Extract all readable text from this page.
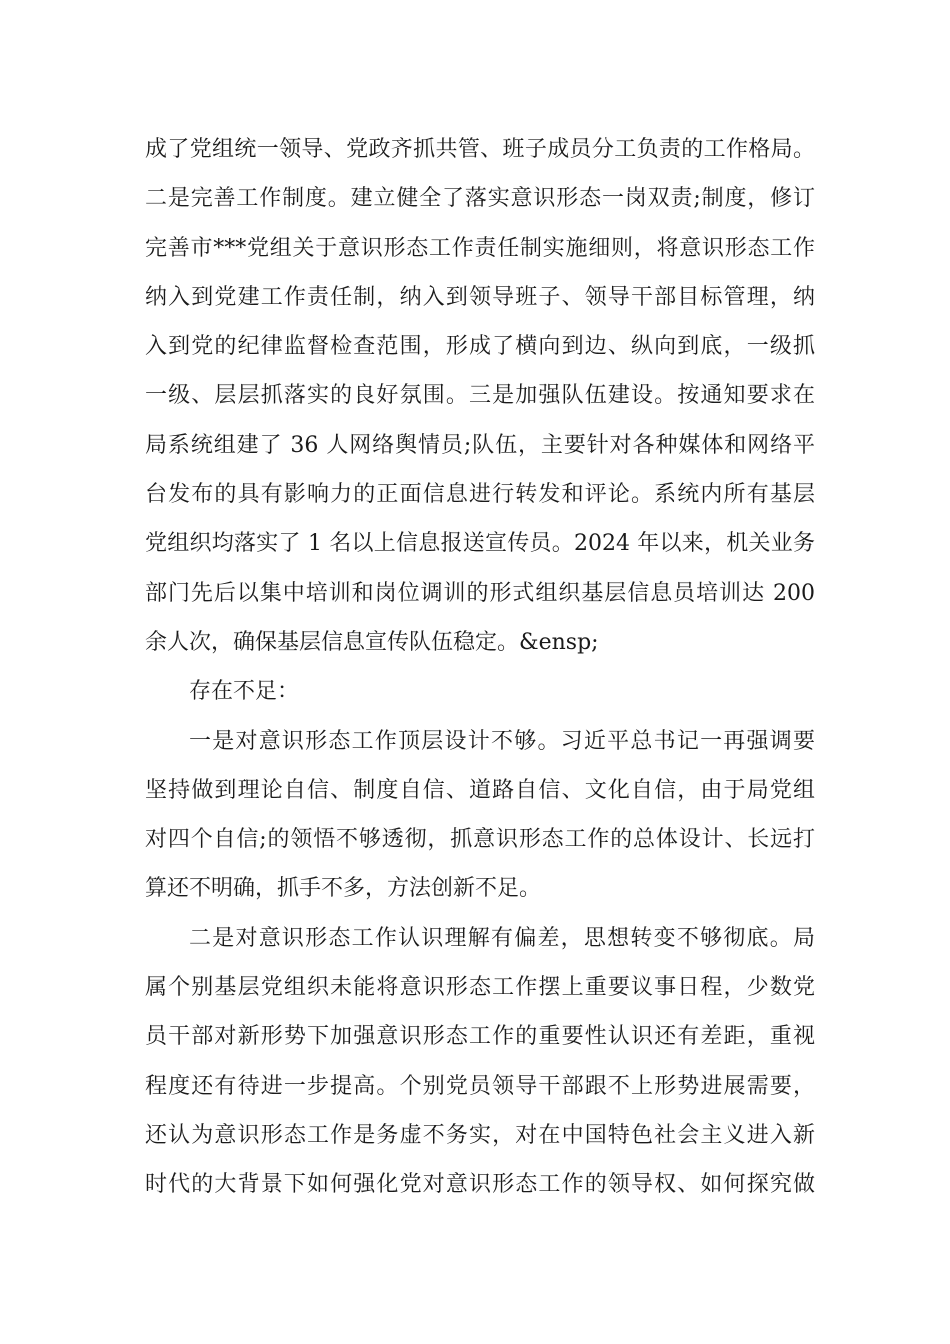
成了党组统一领导、党政齐抓共管、班子成员分工负责的工作格局。
二是完善工作制度。建立健全了落实意识形态一岗双责;制度，修订
完善市***党组关于意识形态工作责任制实施细则，将意识形态工作
纳入到党建工作责任制，纳入到领导班子、领导干部目标管理，纳
入到党的纪律监督检查范围，形成了横向到边、纵向到底，一级抓
一级、层层抓落实的良好氛围。三是加强队伍建设。按通知要求在
局系统组建了 36 人网络舆情员;队伍，主要针对各种媒体和网络平
台发布的具有影响力的正面信息进行转发和评论。系统内所有基层
党组织均落实了 1 名以上信息报送宣传员。2024 年以来，机关业务
部门先后以集中培训和岗位调训的形式组织基层信息员培训达 200
余人次，确保基层信息宣传队伍稳定。&ensp;
存在不足：
一是对意识形态工作顶层设计不够。习近平总书记一再强调要
坚持做到理论自信、制度自信、道路自信、文化自信，由于局党组
对四个自信;的领悟不够透彻，抓意识形态工作的总体设计、长远打
算还不明确，抓手不多，方法创新不足。
二是对意识形态工作认识理解有偏差，思想转变不够彻底。局
属个别基层党组织未能将意识形态工作摆上重要议事日程，少数党
员干部对新形势下加强意识形态工作的重要性认识还有差距，重视
程度还有待进一步提高。个别党员领导干部跟不上形势进展需要，
还认为意识形态工作是务虚不务实，对在中国特色社会主义进入新
时代的大背景下如何强化党对意识形态工作的领导权、如何探究做
